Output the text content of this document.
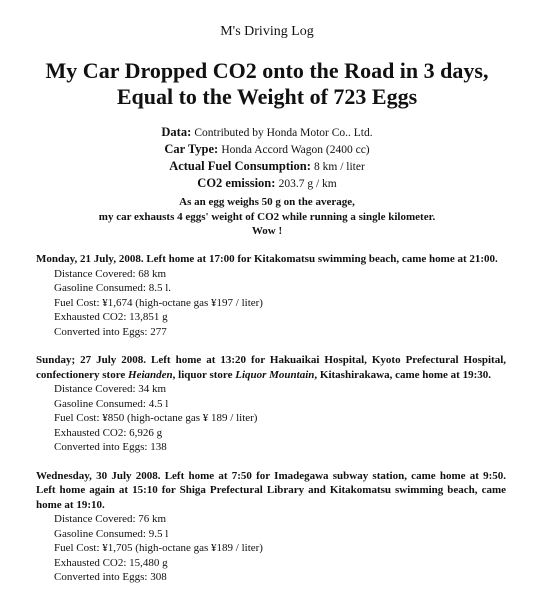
M's Driving Log
My Car Dropped CO2 onto the Road in 3 days,
Equal to the Weight of 723 Eggs
Data: Contributed by Honda Motor Co.. Ltd.
Car Type: Honda Accord Wagon (2400 cc)
Actual Fuel Consumption: 8 km / liter
CO2 emission: 203.7 g / km
As an egg weighs 50 g on the average,
my car exhausts 4 eggs' weight of CO2 while running a single kilometer.
Wow !
Monday, 21 July, 2008. Left home at 17:00 for Kitakomatsu swimming beach, came home at 21:00.
Distance Covered: 68 km
Gasoline Consumed: 8.5 l.
Fuel Cost: ¥1,674 (high-octane gas ¥197 / liter)
Exhausted CO2: 13,851 g
Converted into Eggs: 277
Sunday; 27 July 2008. Left home at 13:20 for Hakuaikai Hospital, Kyoto Prefectural Hospital, confectionery store Heianden, liquor store Liquor Mountain, Kitashirakawa, came home at 19:30.
Distance Covered: 34 km
Gasoline Consumed: 4.5 l
Fuel Cost: ¥850 (high-octane gas ¥ 189 / liter)
Exhausted CO2: 6,926 g
Converted into Eggs: 138
Wednesday, 30 July 2008. Left home at 7:50 for Imadegawa subway station, came home at 9:50. Left home again at 15:10 for Shiga Prefectural Library and Kitakomatsu swimming beach, came home at 19:10.
Distance Covered: 76 km
Gasoline Consumed: 9.5 l
Fuel Cost: ¥1,705 (high-octane gas ¥189 / liter)
Exhausted CO2: 15,480 g
Converted into Eggs: 308
